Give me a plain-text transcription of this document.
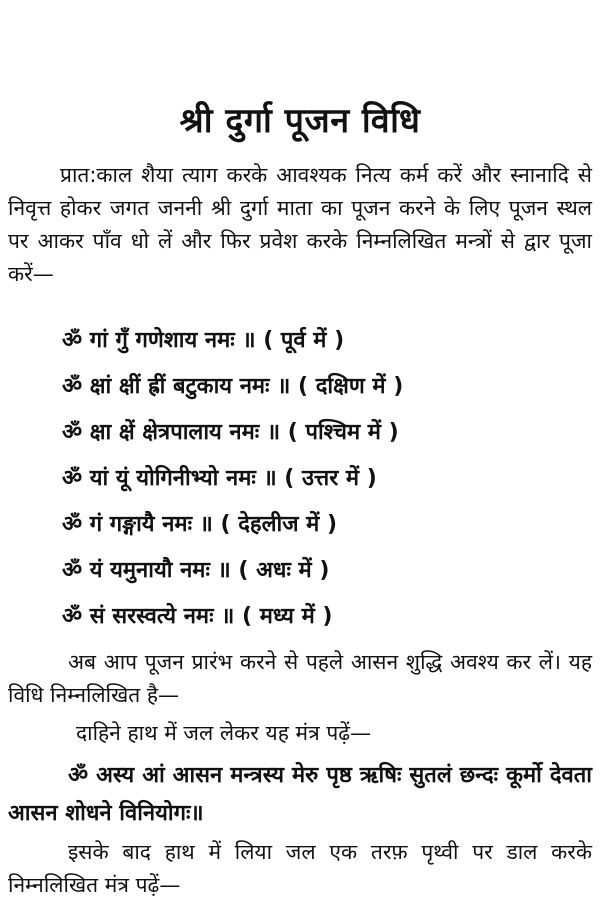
श्री दुर्गा पूजन विधि
प्रात:काल शैया त्याग करके आवश्यक नित्य कर्म करें और स्नानादि से निवृत्त होकर जगत जननी श्री दुर्गा माता का पूजन करने के लिए पूजन स्थल पर आकर पाँव धो लें और फिर प्रवेश करके निम्नलिखित मन्त्रों से द्वार पूजा करें—
ॐ गां गुँ गणेशाय नमः ॥ ( पूर्व में )
ॐ क्षां क्षीं ह्रीं बटुकाय नमः ॥ ( दक्षिण में )
ॐ क्षा क्षें क्षेत्रपालाय नमः ॥ ( पश्चिम में )
ॐ यां यूं योगिनीभ्यो नमः ॥ ( उत्तर में )
ॐ गं गङ्गायै नमः ॥ ( देहलीज में )
ॐ यं यमुनायौ नमः ॥ ( अधः में )
ॐ सं सरस्वत्ये नमः ॥ ( मध्य में )
अब आप पूजन प्रारंभ करने से पहले आसन शुद्धि अवश्य कर लें। यह विधि निम्नलिखित है—
दाहिने हाथ में जल लेकर यह मंत्र पढ़ें—
ॐ अस्य आं आसन मन्त्रस्य मेरु पृष्ठ ऋषिः सुतलं छन्दः कूर्मो देवता आसन शोधने विनियोगः॥
इसके बाद हाथ में लिया जल एक तरफ़ पृथ्वी पर डाल करके निम्नलिखित मंत्र पढ़ें—
